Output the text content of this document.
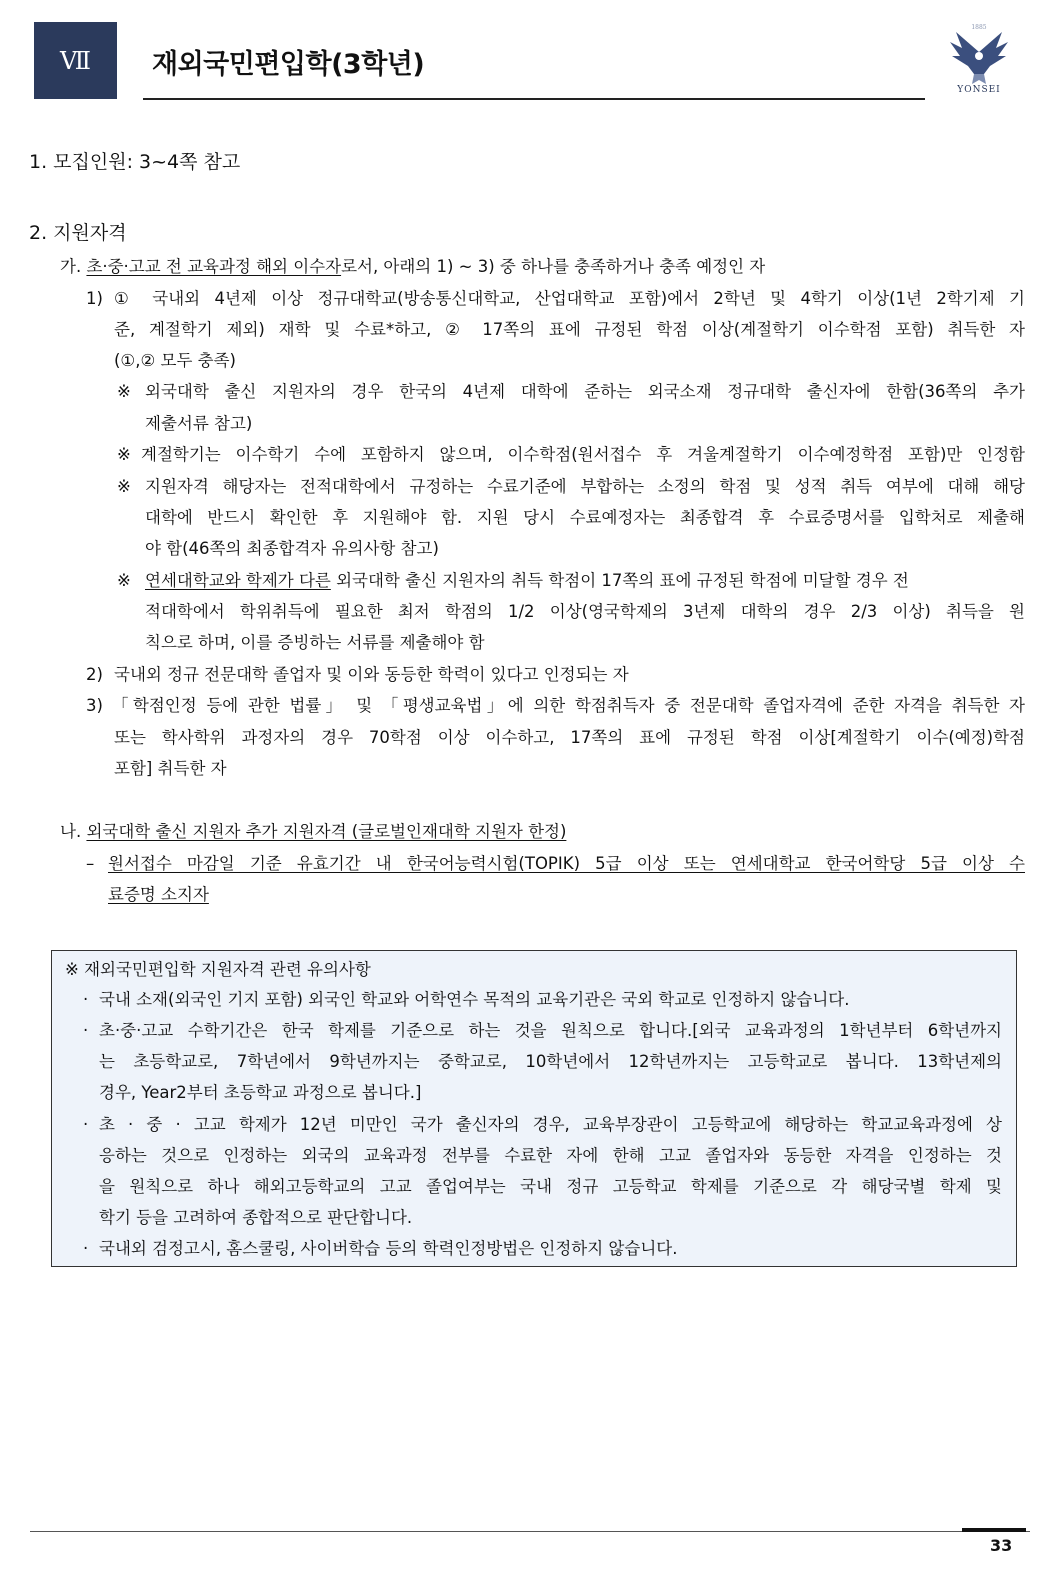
Ⅶ 재외국민편입학(3학년)
1885
YONSEI
1. 모집인원: 3~4쪽 참고
2. 지원자격
가. 초·중·고교 전 교육과정 해외 이수자로서, 아래의 1) ~ 3) 중 하나를 충족하거나 충족 예정인 자
1) ① 국내외 4년제 이상 정규대학교(방송통신대학교, 산업대학교 포함)에서 2학년 및 4학기 이상(1년 2학기제 기
준, 계절학기 제외) 재학 및 수료*하고, ② 17쪽의 표에 규정된 학점 이상(계절학기 이수학점 포함) 취득한 자
(①,② 모두 충족)
※ 외국대학 출신 지원자의 경우 한국의 4년제 대학에 준하는 외국소재 정규대학 출신자에 한함(36쪽의 추가
제출서류 참고)
※ 계절학기는 이수학기 수에 포함하지 않으며, 이수학점(원서접수 후 겨울계절학기 이수예정학점 포함)만 인정함
※ 지원자격 해당자는 전적대학에서 규정하는 수료기준에 부합하는 소정의 학점 및 성적 취득 여부에 대해 해당
대학에 반드시 확인한 후 지원해야 함. 지원 당시 수료예정자는 최종합격 후 수료증명서를 입학처로 제출해
야 함(46쪽의 최종합격자 유의사항 참고)
※ 연세대학교와 학제가 다른 외국대학 출신 지원자의 취득 학점이 17쪽의 표에 규정된 학점에 미달할 경우 전
적대학에서 학위취득에 필요한 최저 학점의 1/2 이상(영국학제의 3년제 대학의 경우 2/3 이상) 취득을 원
칙으로 하며, 이를 증빙하는 서류를 제출해야 함
2) 국내외 정규 전문대학 졸업자 및 이와 동등한 학력이 있다고 인정되는 자
3) 「학점인정 등에 관한 법률」 및 「평생교육법」에 의한 학점취득자 중 전문대학 졸업자격에 준한 자격을 취득한 자
또는 학사학위 과정자의 경우 70학점 이상 이수하고, 17쪽의 표에 규정된 학점 이상[계절학기 이수(예정)학점
포함] 취득한 자
나. 외국대학 출신 지원자 추가 지원자격 (글로벌인재대학 지원자 한정)
– 원서접수 마감일 기준 유효기간 내 한국어능력시험(TOPIK) 5급 이상 또는 연세대학교 한국어학당 5급 이상 수
료증명 소지자
※ 재외국민편입학 지원자격 관련 유의사항
· 국내 소재(외국인 기지 포함) 외국인 학교와 어학연수 목적의 교육기관은 국외 학교로 인정하지 않습니다.
· 초·중·고교 수학기간은 한국 학제를 기준으로 하는 것을 원칙으로 합니다.[외국 교육과정의 1학년부터 6학년까지
는 초등학교로, 7학년에서 9학년까지는 중학교로, 10학년에서 12학년까지는 고등학교로 봅니다. 13학년제의
경우, Year2부터 초등학교 과정으로 봅니다.]
· 초 · 중 · 고교 학제가 12년 미만인 국가 출신자의 경우, 교육부장관이 고등학교에 해당하는 학교교육과정에 상
응하는 것으로 인정하는 외국의 교육과정 전부를 수료한 자에 한해 고교 졸업자와 동등한 자격을 인정하는 것
을 원칙으로 하나 해외고등학교의 고교 졸업여부는 국내 정규 고등학교 학제를 기준으로 각 해당국별 학제 및
학기 등을 고려하여 종합적으로 판단합니다.
· 국내외 검정고시, 홈스쿨링, 사이버학습 등의 학력인정방법은 인정하지 않습니다.
33
